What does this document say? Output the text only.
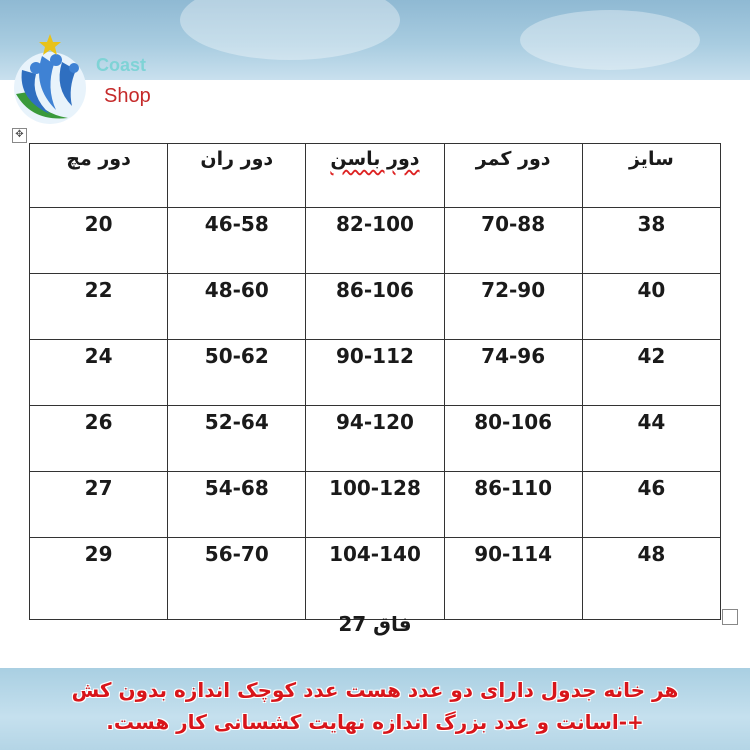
Coast
Shop
✥
دور مچ	دور ران	دور باسن	دور کمر	سایز
20	46-58	82-100	70-88	38
22	48-60	86-106	72-90	40
24	50-62	90-112	74-96	42
26	52-64	94-120	80-106	44
27	54-68	100-128	86-110	46
29	56-70	104-140	90-114	48
فاق 27
هر خانه جدول دارای دو عدد هست عدد کوچک اندازه بدون کش
+-اسانت و عدد بزرگ اندازه نهایت کشسانی کار هست.
